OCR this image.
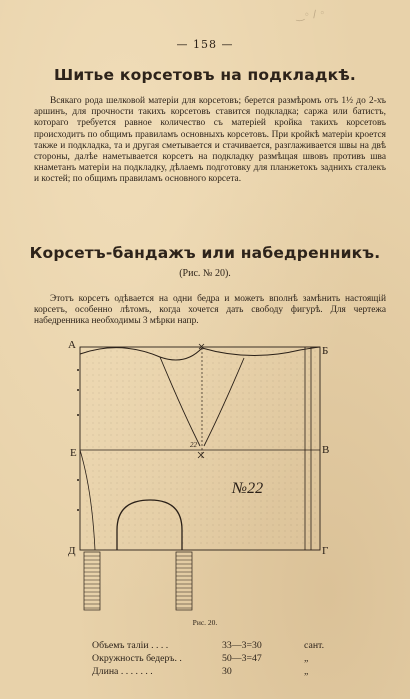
‿◦ ∕ ◦
— 158 —
Шитье корсетовъ на подкладкѣ.

Всякаго рода шелковой матеріи для корсетовъ; берется размѣромъ отъ 1½ до 2-хъ аршинъ, для прочности такихъ корсетовъ ставится подкладка; саржа или батистъ, котораго требуется равное количество съ матеріей кройка такихъ корсетовъ происходитъ по общимъ правиламъ основныхъ корсетовъ. При кройкѣ матеріи кроется также и подкладка, та и другая сметывается и стачивается, разглаживается швы на двѣ стороны, далѣе наметывается корсетъ на подкладку размѣщая швовъ противъ шва кнаметанъ матеріи на подкладку, дѣлаемъ подготовку для планжетокъ заднихъ сталекъ и костей; по общимъ правиламъ основного корсета.

Корсетъ-бандажъ или набедренникъ.
(Рис. № 20).

Этотъ корсетъ одѣвается на одни бедра и можетъ вполнѣ замѣнить настоящій корсетъ, особенно лѣтомъ, когда хочется дать свободу фигурѣ. Для чертежа набедренника необходимы 3 мѣрки напр.

А	Б
Е	В
Д	Г
22
№22
Рис. 20.
Объемъ таліи . . . .	33—3=30	сант.
Окружность бедеръ. .	50—3=47	„
Длина . . . . . . .	30	„
